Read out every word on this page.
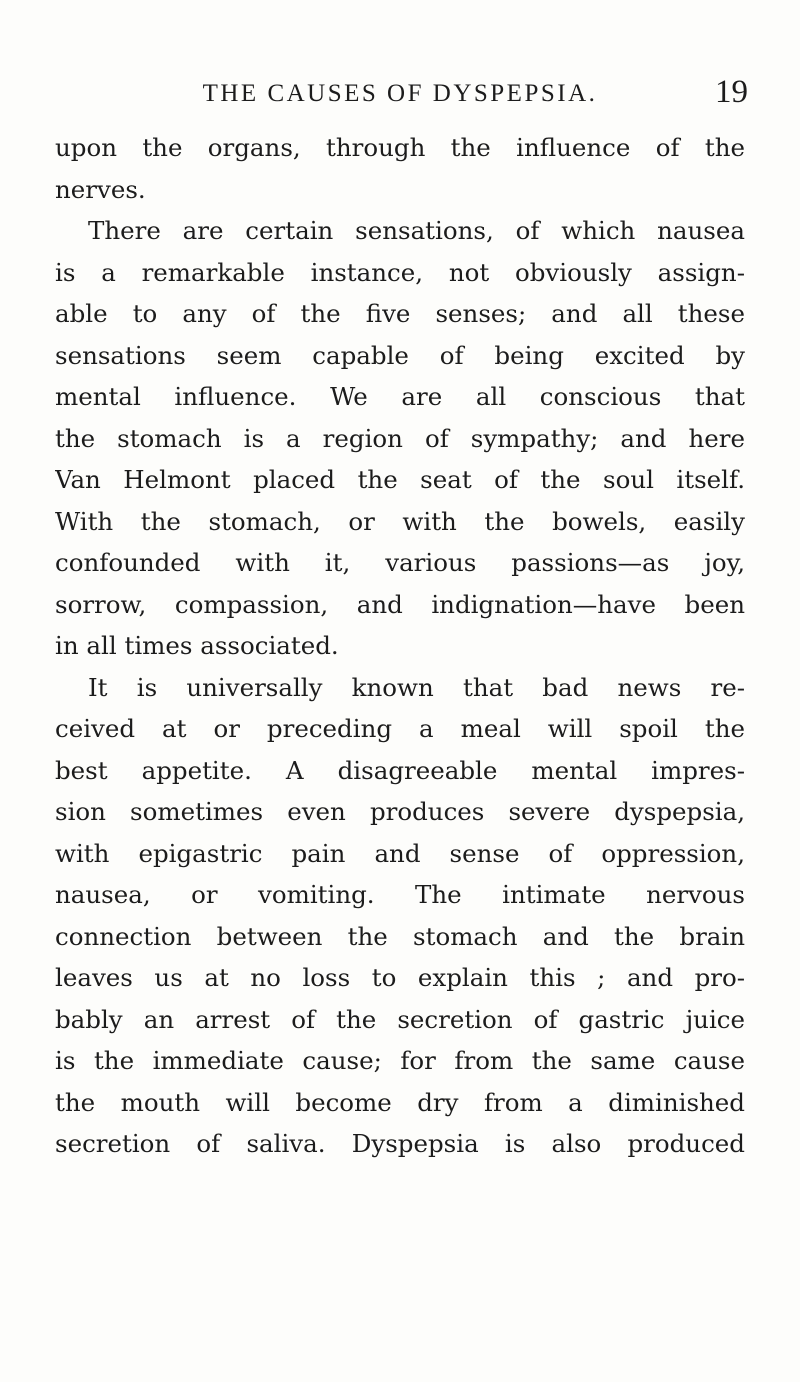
THE CAUSES OF DYSPEPSIA.	19
upon the organs, through the influence of the
nerves.
There are certain sensations, of which nausea
is a remarkable instance, not obviously assign-
able to any of the five senses; and all these
sensations seem capable of being excited by
mental influence. We are all conscious that
the stomach is a region of sympathy; and here
Van Helmont placed the seat of the soul itself.
With the stomach, or with the bowels, easily
confounded with it, various passions—as joy,
sorrow, compassion, and indignation—have been
in all times associated.
It is universally known that bad news re-
ceived at or preceding a meal will spoil the
best appetite. A disagreeable mental impres-
sion sometimes even produces severe dyspepsia,
with epigastric pain and sense of oppression,
nausea, or vomiting. The intimate nervous
connection between the stomach and the brain
leaves us at no loss to explain this ; and pro-
bably an arrest of the secretion of gastric juice
is the immediate cause; for from the same cause
the mouth will become dry from a diminished
secretion of saliva. Dyspepsia is also produced
